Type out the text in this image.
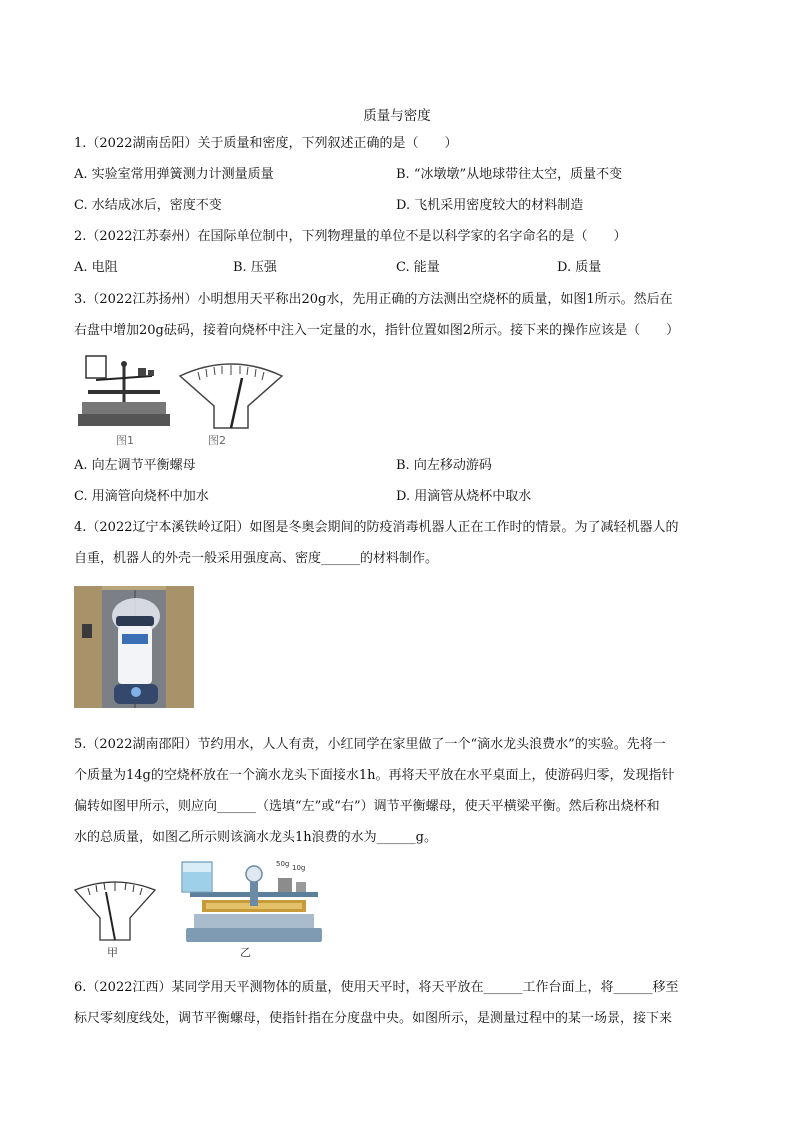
质量与密度
1.（2022湖南岳阳）关于质量和密度，下列叙述正确的是（　　）
A. 实验室常用弹簧测力计测量质量	B. “冰墩墩”从地球带往太空，质量不变
C. 水结成冰后，密度不变	D. 飞机采用密度较大的材料制造
2.（2022江苏泰州）在国际单位制中，下列物理量的单位不是以科学家的名字命名的是（　　）
A. 电阻	B. 压强	C. 能量	D. 质量
3.（2022江苏扬州）小明想用天平称出20g水，先用正确的方法测出空烧杯的质量，如图1所示。然后在
右盘中增加20g砝码，接着向烧杯中注入一定量的水，指针位置如图2所示。接下来的操作应该是（　　）
图1	图2
A. 向左调节平衡螺母	B. 向左移动游码
C. 用滴管向烧杯中加水	D. 用滴管从烧杯中取水
4.（2022辽宁本溪铁岭辽阳）如图是冬奥会期间的防疫消毒机器人正在工作时的情景。为了减轻机器人的
自重，机器人的外壳一般采用强度高、密度______的材料制作。
5.（2022湖南邵阳）节约用水，人人有责，小红同学在家里做了一个“滴水龙头浪费水”的实验。先将一
个质量为14g的空烧杯放在一个滴水龙头下面接水1h。再将天平放在水平桌面上，使游码归零，发现指针
偏转如图甲所示，则应向______（选填“左”或“右”）调节平衡螺母，使天平横梁平衡。然后称出烧杯和
水的总质量，如图乙所示则该滴水龙头1h浪费的水为______g。
甲
50g 10g
乙
6.（2022江西）某同学用天平测物体的质量，使用天平时，将天平放在______工作台面上，将______移至
标尺零刻度线处，调节平衡螺母，使指针指在分度盘中央。如图所示，是测量过程中的某一场景，接下来
